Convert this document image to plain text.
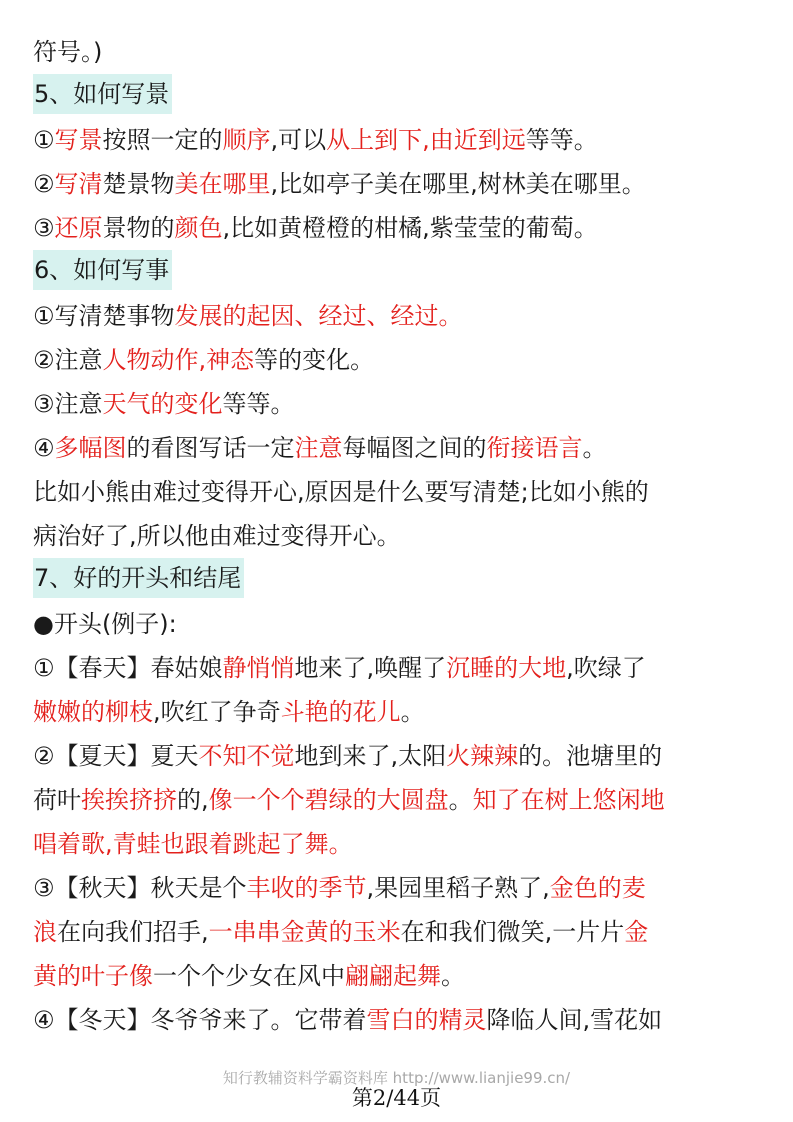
符号。)
5、如何写景
①写景按照一定的顺序,可以从上到下,由近到远等等。
②写清楚景物美在哪里,比如亭子美在哪里,树林美在哪里。
③还原景物的颜色,比如黄橙橙的柑橘,紫莹莹的葡萄。
6、如何写事
①写清楚事物发展的起因、经过、经过。
②注意人物动作,神态等的变化。
③注意天气的变化等等。
④多幅图的看图写话一定注意每幅图之间的衔接语言。
比如小熊由难过变得开心,原因是什么要写清楚;比如小熊的
病治好了,所以他由难过变得开心。
7、好的开头和结尾
●开头(例子):
①【春天】春姑娘静悄悄地来了,唤醒了沉睡的大地,吹绿了
嫩嫩的柳枝,吹红了争奇斗艳的花儿。
②【夏天】夏天不知不觉地到来了,太阳火辣辣的。池塘里的
荷叶挨挨挤挤的,像一个个碧绿的大圆盘。知了在树上悠闲地
唱着歌,青蛙也跟着跳起了舞。
③【秋天】秋天是个丰收的季节,果园里稻子熟了,金色的麦
浪在向我们招手,一串串金黄的玉米在和我们微笑,一片片金
黄的叶子像一个个少女在风中翩翩起舞。
④【冬天】冬爷爷来了。它带着雪白的精灵降临人间,雪花如
知行教辅资料学霸资料库 http://www.lianjie99.cn/
第2/44页
